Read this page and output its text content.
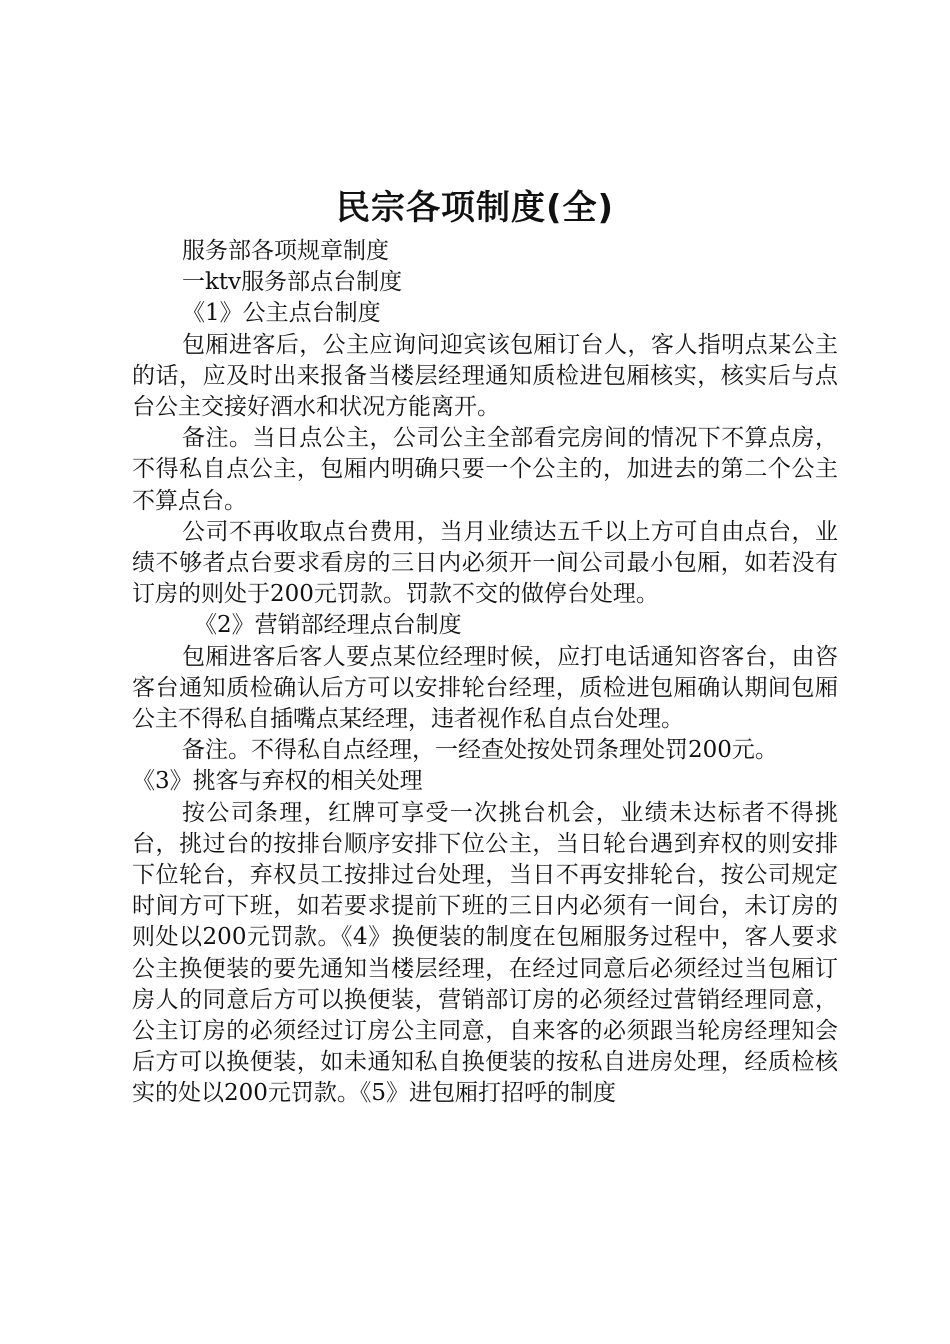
民宗各项制度(全)

服务部各项规章制度

一ktv服务部点台制度

《1》公主点台制度

包厢进客后，公主应询问迎宾该包厢订台人，客人指明点某公主的话，应及时出来报备当楼层经理通知质检进包厢核实，核实后与点台公主交接好酒水和状况方能离开。

备注。当日点公主，公司公主全部看完房间的情况下不算点房，不得私自点公主，包厢内明确只要一个公主的，加进去的第二个公主不算点台。

公司不再收取点台费用，当月业绩达五千以上方可自由点台，业绩不够者点台要求看房的三日内必须开一间公司最小包厢，如若没有订房的则处于200元罚款。罚款不交的做停台处理。

《2》营销部经理点台制度

包厢进客后客人要点某位经理时候，应打电话通知咨客台，由咨客台通知质检确认后方可以安排轮台经理，质检进包厢确认期间包厢公主不得私自插嘴点某经理，违者视作私自点台处理。

备注。不得私自点经理，一经查处按处罚条理处罚200元。

《3》挑客与弃权的相关处理

按公司条理，红牌可享受一次挑台机会，业绩未达标者不得挑台，挑过台的按排台顺序安排下位公主，当日轮台遇到弃权的则安排下位轮台，弃权员工按排过台处理，当日不再安排轮台，按公司规定时间方可下班，如若要求提前下班的三日内必须有一间台，未订房的则处以200元罚款。《4》换便装的制度在包厢服务过程中，客人要求公主换便装的要先通知当楼层经理，在经过同意后必须经过当包厢订房人的同意后方可以换便装，营销部订房的必须经过营销经理同意，公主订房的必须经过订房公主同意，自来客的必须跟当轮房经理知会后方可以换便装，如未通知私自换便装的按私自进房处理，经质检核实的处以200元罚款。《5》进包厢打招呼的制度
